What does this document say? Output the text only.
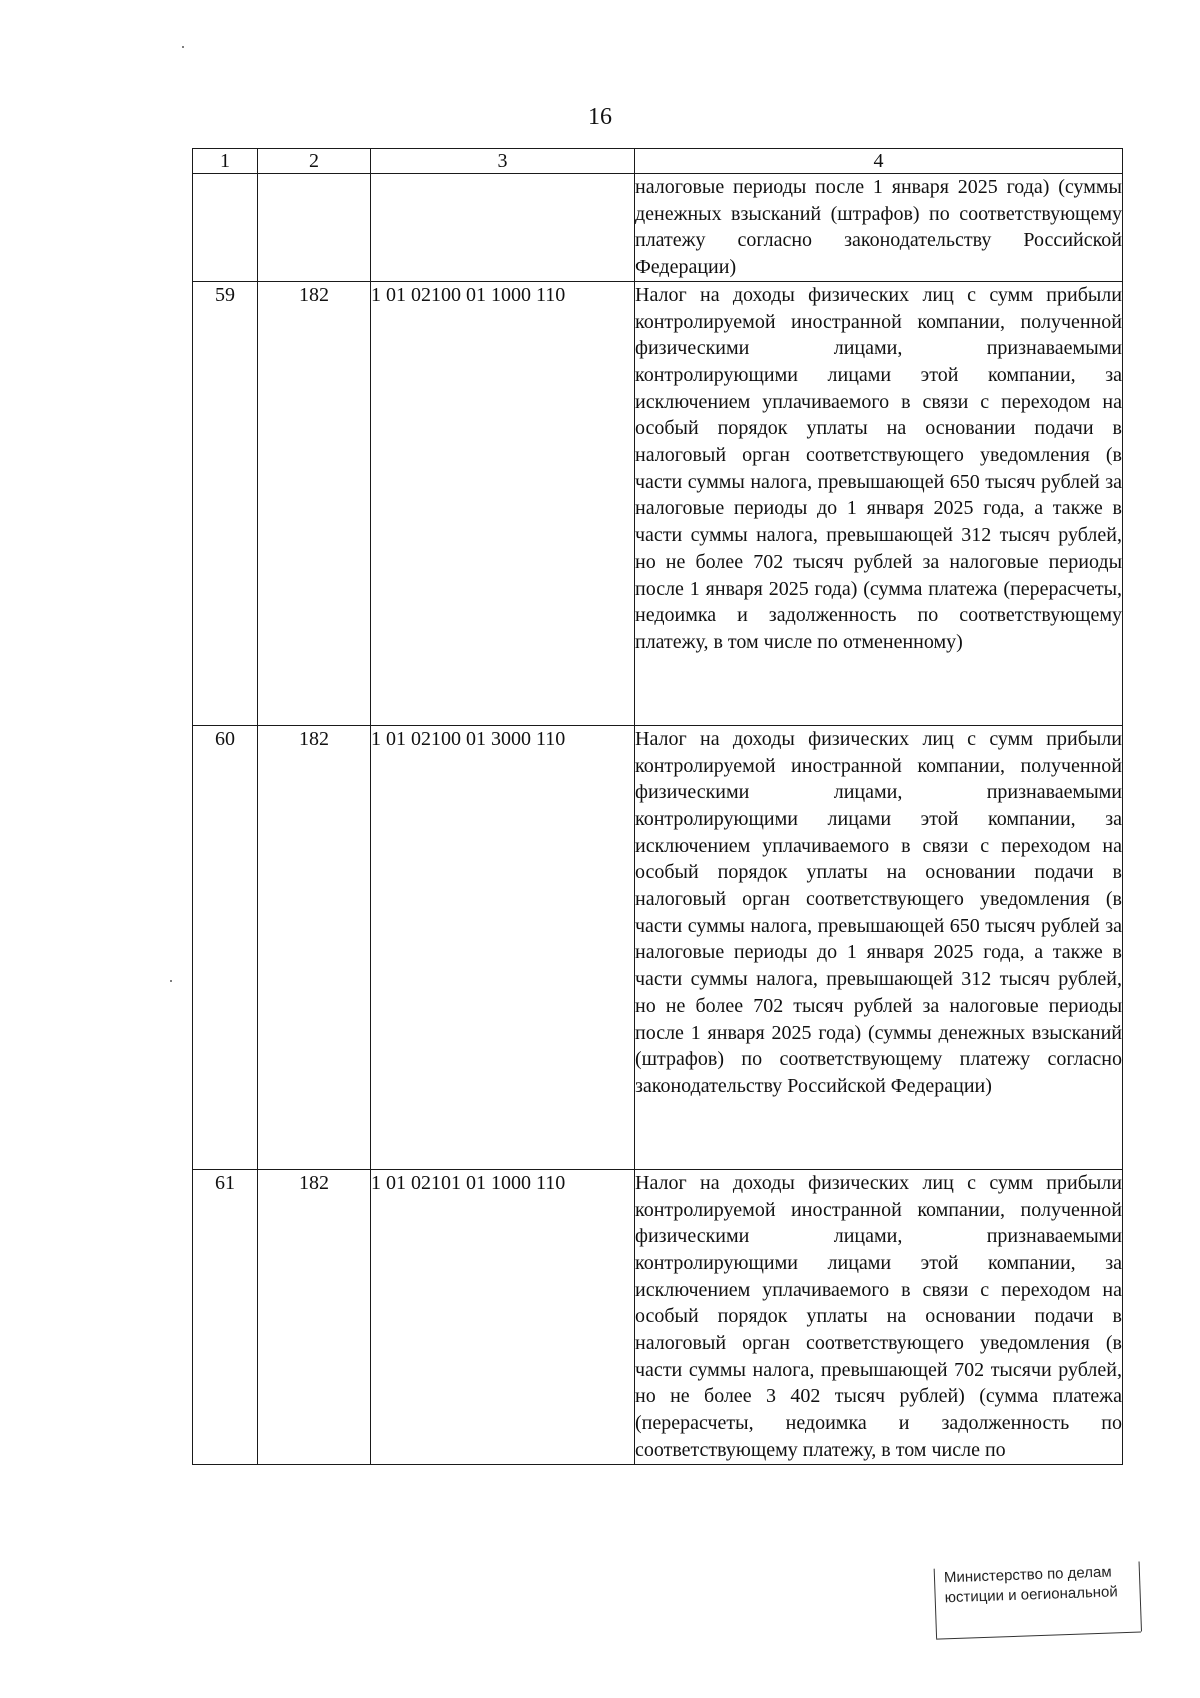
16
1	2	3	4

			налоговые периоды после 1 января 2025 года) (суммы денежных взысканий (штрафов) по соответствующему платежу согласно законодательству Российской Федерации)

59	182	1 01 02100 01 1000 110	Налог на доходы физических лиц с сумм прибыли контролируемой иностранной компании, полученной физическими лицами, признаваемыми контролирующими лицами этой компании, за исключением уплачиваемого в связи с переходом на особый порядок уплаты на основании подачи в налоговый орган соответствующего уведомления (в части суммы налога, превышающей 650 тысяч рублей за налоговые периоды до 1 января 2025 года, а также в части суммы налога, превышающей 312 тысяч рублей, но не более 702 тысяч рублей за налоговые периоды после 1 января 2025 года) (сумма платежа (перерасчеты, недоимка и задолженность по соответствующему платежу, в том числе по отмененному)

60	182	1 01 02100 01 3000 110	Налог на доходы физических лиц с сумм прибыли контролируемой иностранной компании, полученной физическими лицами, признаваемыми контролирующими лицами этой компании, за исключением уплачиваемого в связи с переходом на особый порядок уплаты на основании подачи в налоговый орган соответствующего уведомления (в части суммы налога, превышающей 650 тысяч рублей за налоговые периоды до 1 января 2025 года, а также в части суммы налога, превышающей 312 тысяч рублей, но не более 702 тысяч рублей за налоговые периоды после 1 января 2025 года) (суммы денежных взысканий (штрафов) по соответствующему платежу согласно законодательству Российской Федерации)

61	182	1 01 02101 01 1000 110	Налог на доходы физических лиц с сумм прибыли контролируемой иностранной компании, полученной физическими лицами, признаваемыми контролирующими лицами этой компании, за исключением уплачиваемого в связи с переходом на особый порядок уплаты на основании подачи в налоговый орган соответствующего уведомления (в части суммы налога, превышающей 702 тысячи рублей, но не более 3 402 тысяч рублей) (сумма платежа (перерасчеты, недоимка и задолженность по соответствующему платежу, в том числе по
Министерство по делам
юстиции и оегиональной
